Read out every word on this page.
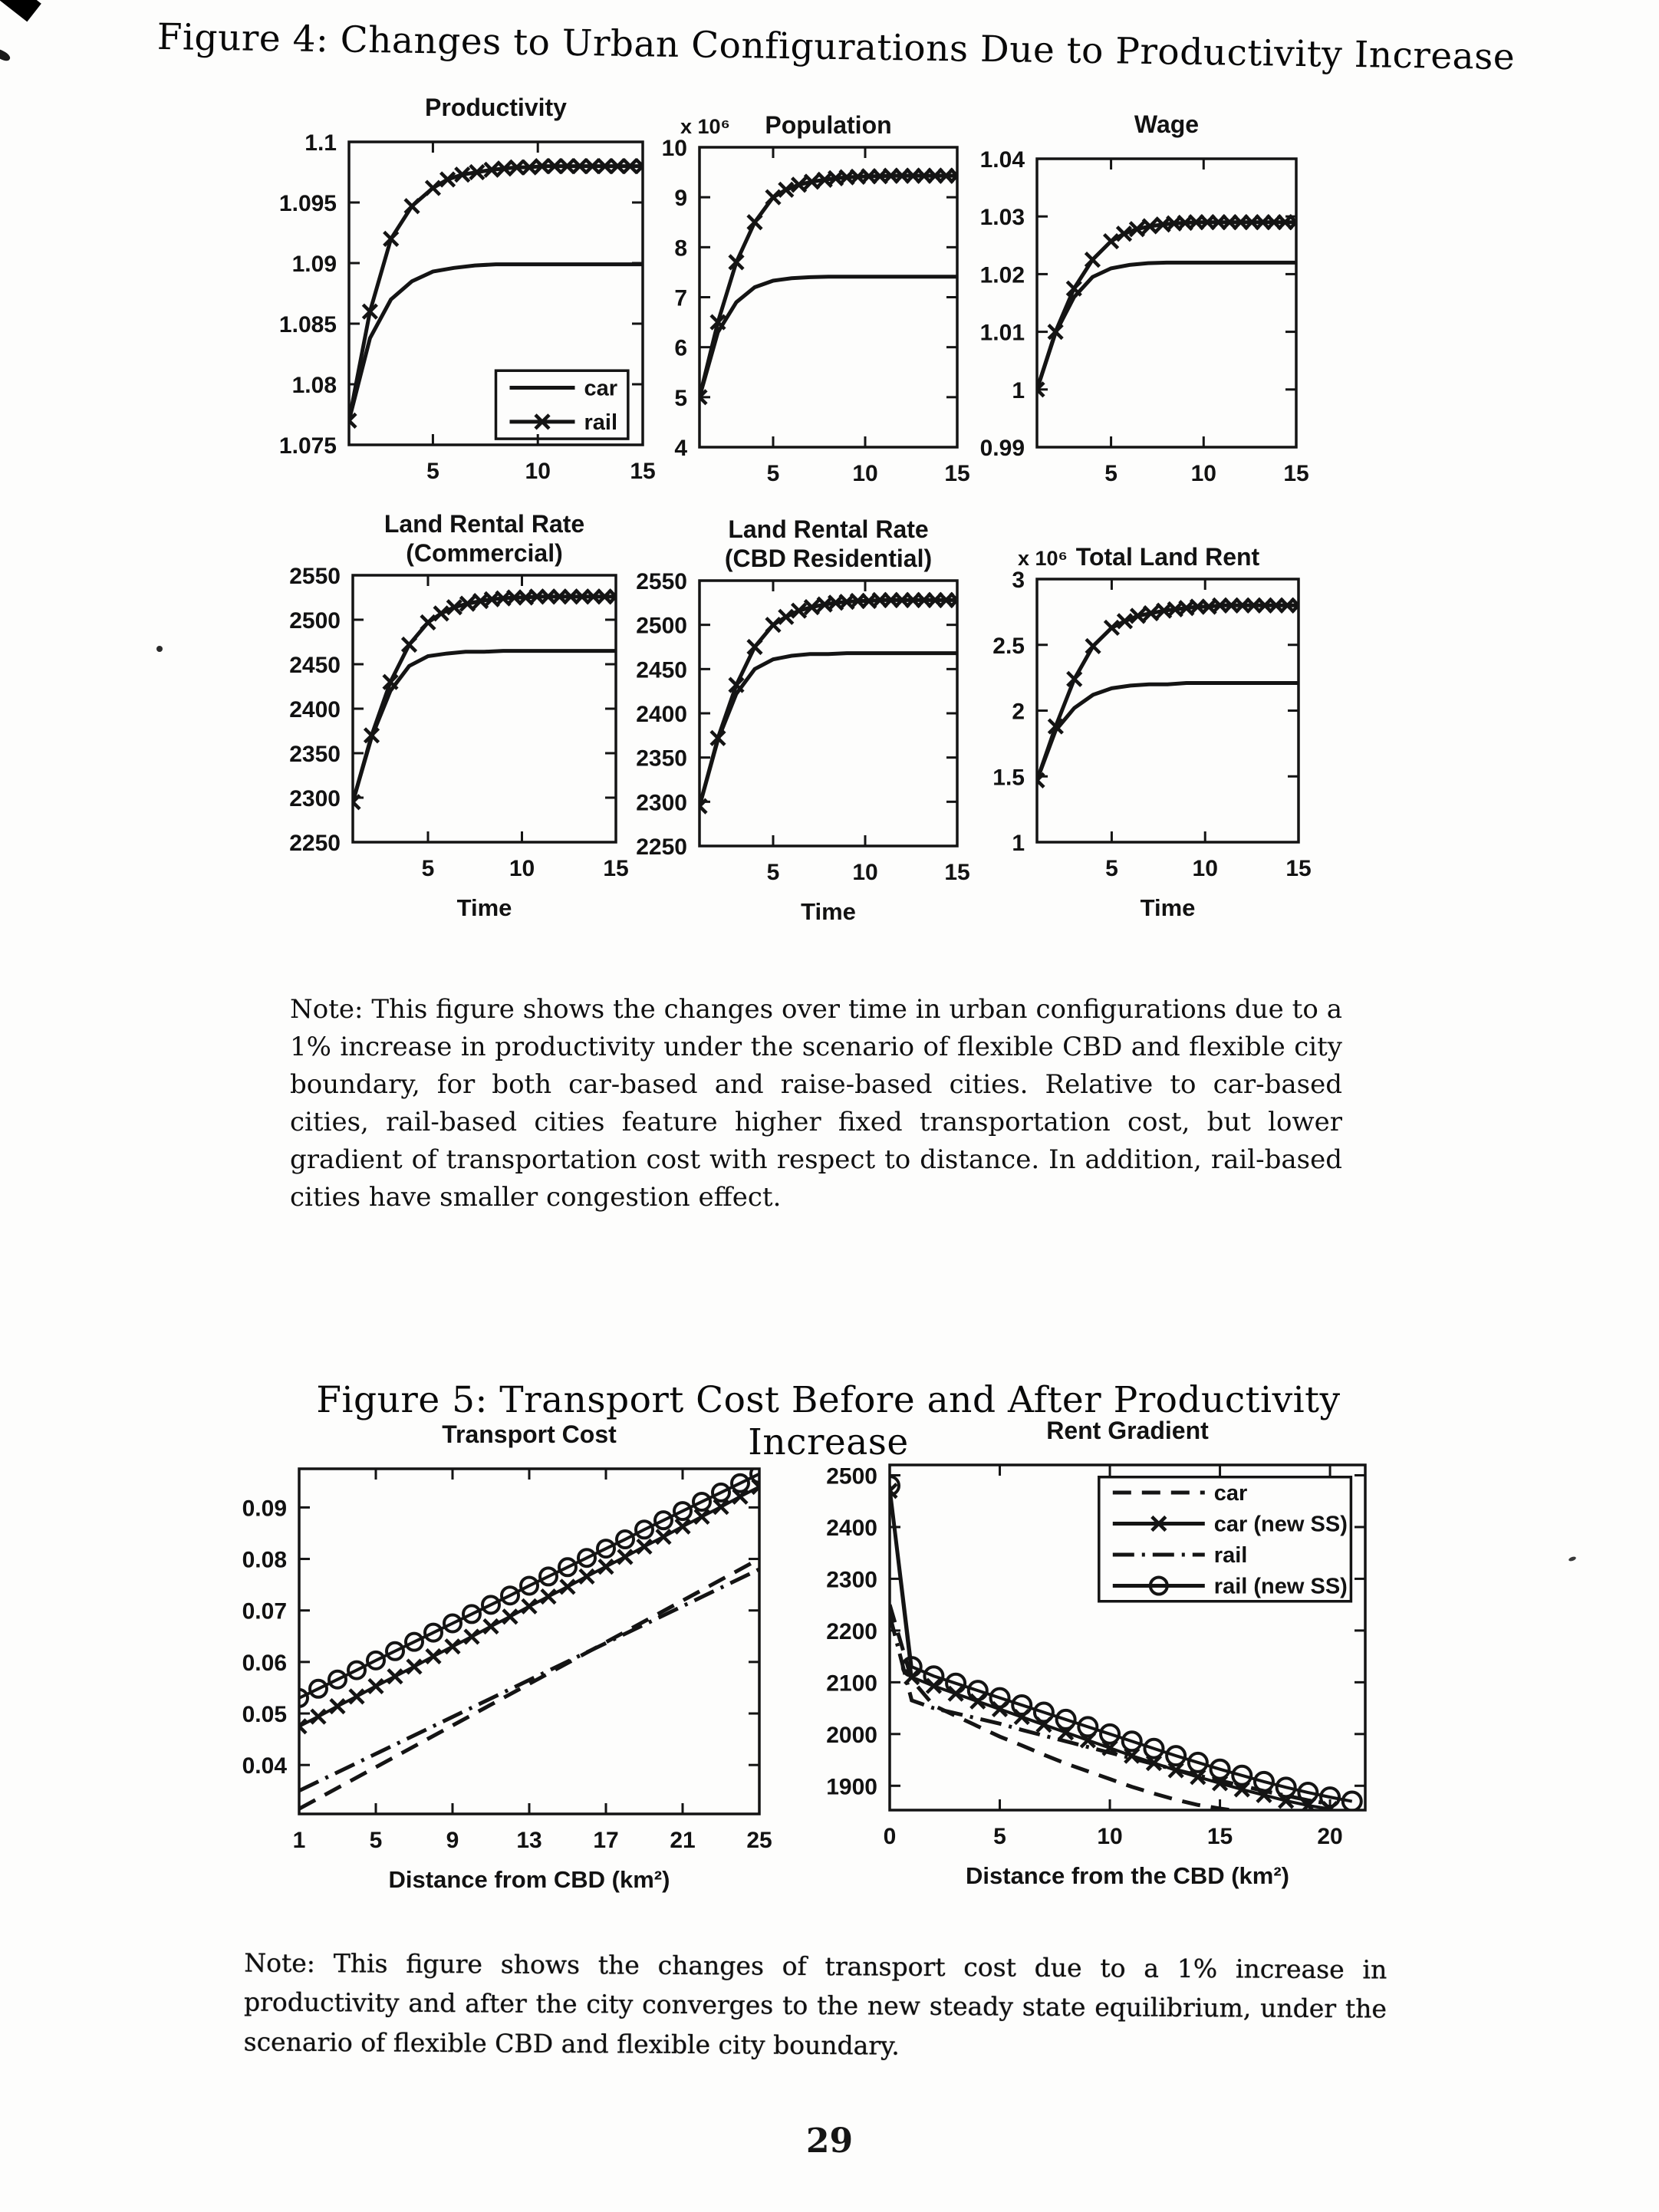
Figure 4: Changes to Urban Configurations Due to Productivity Increase
Productivity
5	10	15
1.075
1.08
1.085
1.09
1.095
1.1
car
rail
Population
x 10⁶
5	10	15
4
5
6
7
8
9
10
Wage
5	10	15
0.99
1
1.01
1.02
1.03
1.04
Land Rental Rate
(Commercial)
5	10	15
2250
2300
2350
2400
2450
2500
2550
Time
Land Rental Rate
(CBD Residential)
5	10	15
2250
2300
2350
2400
2450
2500
2550
Time
Total Land Rent
x 10⁶
5	10	15
1
1.5
2
2.5
3
Time

Note: This figure shows the changes over time in urban configurations due to a 1% increase in productivity under the scenario of flexible CBD and flexible city boundary, for both car-based and raise-based cities. Relative to car-based cities, rail-based cities feature higher fixed transportation cost, but lower gradient of transportation cost with respect to distance. In addition, rail-based cities have smaller congestion effect.

Figure 5: Transport Cost Before and After Productivity Increase
Transport Cost
1	5	9 13 17 21 25
0.04
0.05
0.06
0.07
0.08
0.09
Distance from CBD (km²)
Rent Gradient
0	5	10	15	20
1900
2000
2100
2200
2300
2400
2500
Distance from the CBD (km²)
car
car (new SS)
rail
rail (new SS)

Note: This figure shows the changes of transport cost due to a 1% increase in productivity and after the city converges to the new steady state equilibrium, under the scenario of flexible CBD and flexible city boundary.

29
